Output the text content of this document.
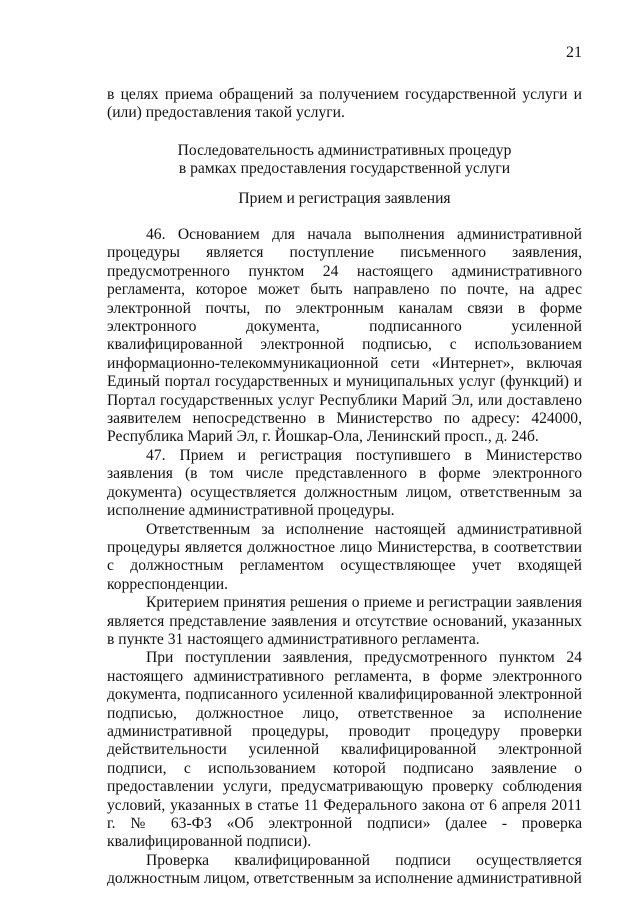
21

в целях приема обращений за получением государственной услуги и (или) предоставления такой услуги.

Последовательность административных процедур
в рамках предоставления государственной услуги

Прием и регистрация заявления

46. Основанием для начала выполнения административной процедуры является поступление письменного заявления, предусмотренного пунктом 24 настоящего административного регламента, которое может быть направлено по почте, на адрес электронной почты, по электронным каналам связи в форме электронного документа, подписанного усиленной квалифицированной электронной подписью, с использованием информационно-телекоммуникационной сети «Интернет», включая Единый портал государственных и муниципальных услуг (функций) и Портал государственных услуг Республики Марий Эл, или доставлено заявителем непосредственно в Министерство по адресу: 424000, Республика Марий Эл, г. Йошкар-Ола, Ленинский просп., д. 24б.

47. Прием и регистрация поступившего в Министерство заявления (в том числе представленного в форме электронного документа) осуществляется должностным лицом, ответственным за исполнение административной процедуры.

Ответственным за исполнение настоящей административной процедуры является должностное лицо Министерства, в соответствии с должностным регламентом осуществляющее учет входящей корреспонденции.

Критерием принятия решения о приеме и регистрации заявления является представление заявления и отсутствие оснований, указанных в пункте 31 настоящего административного регламента.

При поступлении заявления, предусмотренного пунктом 24 настоящего административного регламента, в форме электронного документа, подписанного усиленной квалифицированной электронной подписью, должностное лицо, ответственное за исполнение административной процедуры, проводит процедуру проверки действительности усиленной квалифицированной электронной подписи, с использованием которой подписано заявление о предоставлении услуги, предусматривающую проверку соблюдения условий, указанных в статье 11 Федерального закона от 6 апреля 2011 г. № 63-ФЗ «Об электронной подписи» (далее - проверка квалифицированной подписи).

Проверка квалифицированной подписи осуществляется должностным лицом, ответственным за исполнение административной
